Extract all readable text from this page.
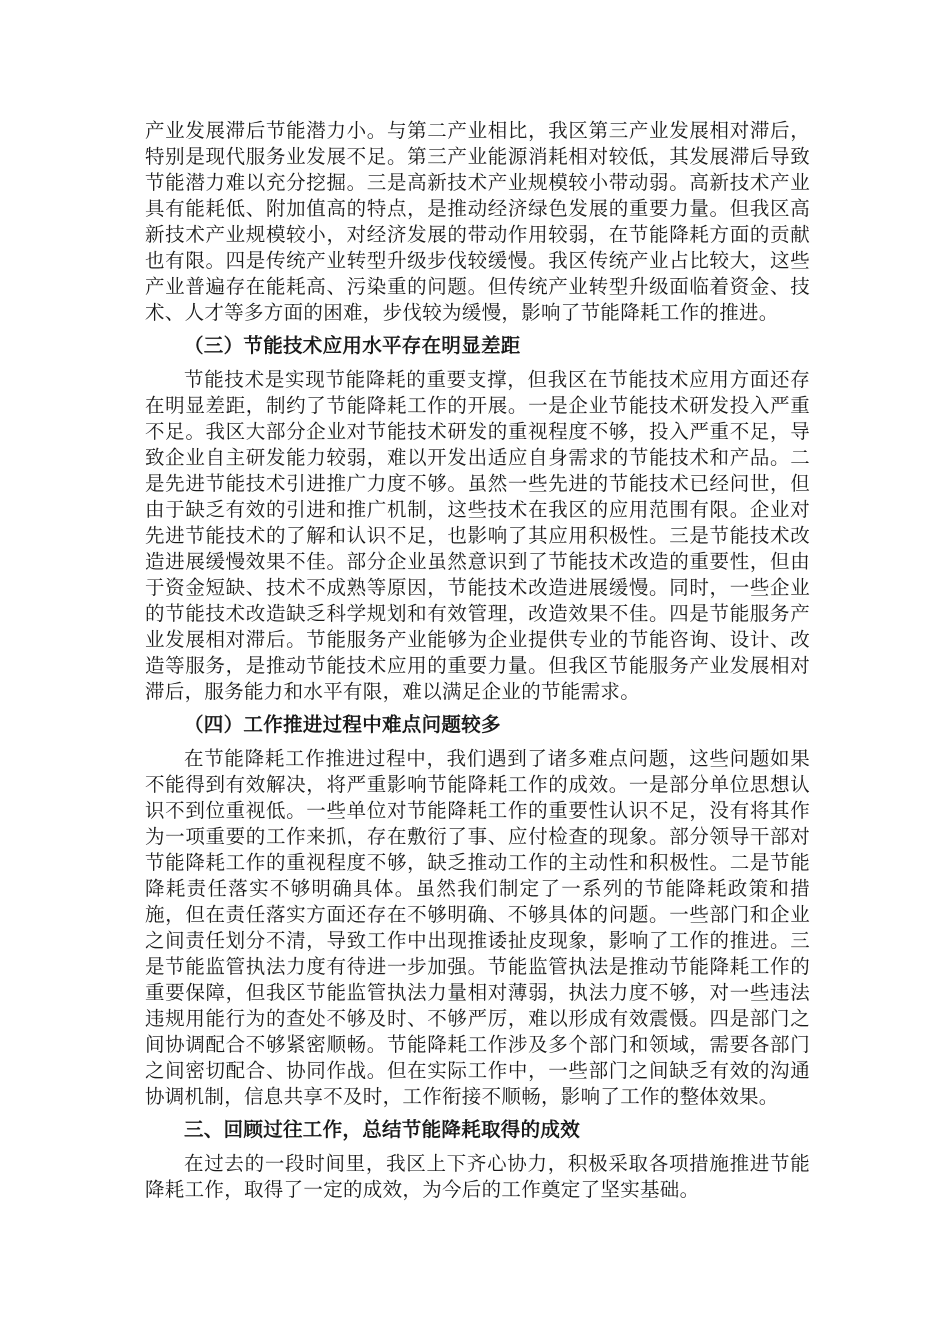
产业发展滞后节能潜力小。与第二产业相比，我区第三产业发展相对滞后，特别是现代服务业发展不足。第三产业能源消耗相对较低，其发展滞后导致节能潜力难以充分挖掘。三是高新技术产业规模较小带动弱。高新技术产业具有能耗低、附加值高的特点，是推动经济绿色发展的重要力量。但我区高新技术产业规模较小，对经济发展的带动作用较弱，在节能降耗方面的贡献也有限。四是传统产业转型升级步伐较缓慢。我区传统产业占比较大，这些产业普遍存在能耗高、污染重的问题。但传统产业转型升级面临着资金、技术、人才等多方面的困难，步伐较为缓慢，影响了节能降耗工作的推进。

（三）节能技术应用水平存在明显差距

节能技术是实现节能降耗的重要支撑，但我区在节能技术应用方面还存在明显差距，制约了节能降耗工作的开展。一是企业节能技术研发投入严重不足。我区大部分企业对节能技术研发的重视程度不够，投入严重不足，导致企业自主研发能力较弱，难以开发出适应自身需求的节能技术和产品。二是先进节能技术引进推广力度不够。虽然一些先进的节能技术已经问世，但由于缺乏有效的引进和推广机制，这些技术在我区的应用范围有限。企业对先进节能技术的了解和认识不足，也影响了其应用积极性。三是节能技术改造进展缓慢效果不佳。部分企业虽然意识到了节能技术改造的重要性，但由于资金短缺、技术不成熟等原因，节能技术改造进展缓慢。同时，一些企业的节能技术改造缺乏科学规划和有效管理，改造效果不佳。四是节能服务产业发展相对滞后。节能服务产业能够为企业提供专业的节能咨询、设计、改造等服务，是推动节能技术应用的重要力量。但我区节能服务产业发展相对滞后，服务能力和水平有限，难以满足企业的节能需求。

（四）工作推进过程中难点问题较多

在节能降耗工作推进过程中，我们遇到了诸多难点问题，这些问题如果不能得到有效解决，将严重影响节能降耗工作的成效。一是部分单位思想认识不到位重视低。一些单位对节能降耗工作的重要性认识不足，没有将其作为一项重要的工作来抓，存在敷衍了事、应付检查的现象。部分领导干部对节能降耗工作的重视程度不够，缺乏推动工作的主动性和积极性。二是节能降耗责任落实不够明确具体。虽然我们制定了一系列的节能降耗政策和措施，但在责任落实方面还存在不够明确、不够具体的问题。一些部门和企业之间责任划分不清，导致工作中出现推诿扯皮现象，影响了工作的推进。三是节能监管执法力度有待进一步加强。节能监管执法是推动节能降耗工作的重要保障，但我区节能监管执法力量相对薄弱，执法力度不够，对一些违法违规用能行为的查处不够及时、不够严厉，难以形成有效震慑。四是部门之间协调配合不够紧密顺畅。节能降耗工作涉及多个部门和领域，需要各部门之间密切配合、协同作战。但在实际工作中，一些部门之间缺乏有效的沟通协调机制，信息共享不及时，工作衔接不顺畅，影响了工作的整体效果。

三、回顾过往工作，总结节能降耗取得的成效

在过去的一段时间里，我区上下齐心协力，积极采取各项措施推进节能降耗工作，取得了一定的成效，为今后的工作奠定了坚实基础。
